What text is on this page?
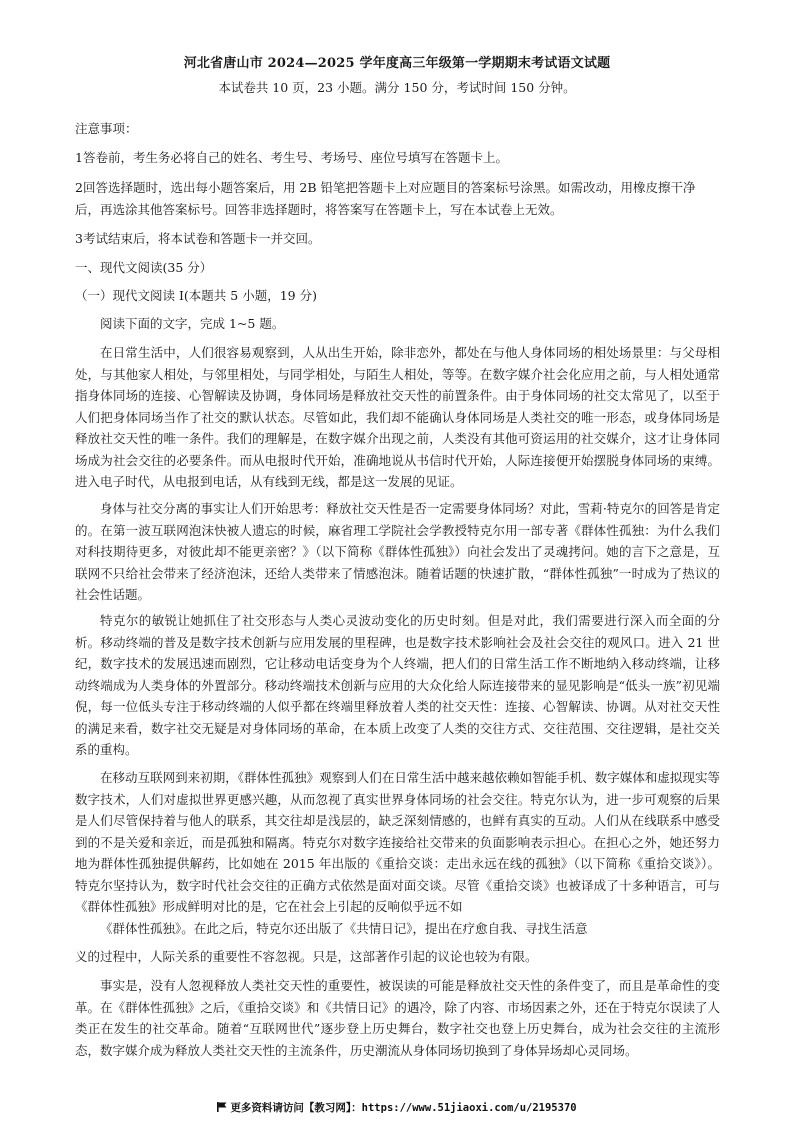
河北省唐山市 2024—2025 学年度高三年级第一学期期末考试语文试题
本试卷共 10 页，23 小题。满分 150 分，考试时间 150 分钟。
注意事项：
1答卷前，考生务必将自己的姓名、考生号、考场号、座位号填写在答题卡上。
2回答选择题时，选出每小题答案后，用 2B 铅笔把答题卡上对应题目的答案标号涂黑。如需改动，用橡皮擦干净后，再选涂其他答案标号。回答非选择题时，将答案写在答题卡上，写在本试卷上无效。
3考试结束后，将本试卷和答题卡一并交回。
一、现代文阅读(35 分）
（一）现代文阅读 I(本题共 5 小题，19 分)
阅读下面的文字，完成 1~5 题。
在日常生活中，人们很容易观察到，人从出生开始，除非恋外，都处在与他人身体同场的相处场景里：与父母相处，与其他家人相处，与邻里相处，与同学相处，与陌生人相处，等等。在数字媒介社会化应用之前，与人相处通常指身体同场的连接、心智解读及协调，身体同场是释放社交天性的前置条件。由于身体同场的社交太常见了，以至于人们把身体同场当作了社交的默认状态。尽管如此，我们却不能确认身体同场是人类社交的唯一形态，或身体同场是释放社交天性的唯一条件。我们的理解是，在数字媒介出现之前，人类没有其他可资运用的社交媒介，这才让身体同场成为社会交往的必要条件。而从电报时代开始，准确地说从书信时代开始，人际连接便开始摆脱身体同场的束缚。进入电子时代，从电报到电话，从有线到无线，都是这一发展的见证。
身体与社交分离的事实让人们开始思考：释放社交天性是否一定需要身体同场？对此，雪莉·特克尔的回答是肯定的。在第一波互联网泡沫快被人遗忘的时候，麻省理工学院社会学教授特克尔用一部专著《群体性孤独：为什么我们对科技期待更多，对彼此却不能更亲密？》（以下简称《群体性孤独》）向社会发出了灵魂拷问。她的言下之意是，互联网不只给社会带来了经济泡沫，还给人类带来了情感泡沫。随着话题的快速扩散，“群体性孤独”一时成为了热议的社会性话题。
特克尔的敏锐让她抓住了社交形态与人类心灵波动变化的历史时刻。但是对此，我们需要进行深入而全面的分析。移动终端的普及是数字技术创新与应用发展的里程碑，也是数字技术影响社会及社会交往的观风口。进入 21 世纪，数字技术的发展迅速而剧烈，它让移动电话变身为个人终端，把人们的日常生活工作不断地纳入移动终端，让移动终端成为人类身体的外置部分。移动终端技术创新与应用的大众化给人际连接带来的显见影响是“低头一族”初见端倪，每一位低头专注于移动终端的人似乎都在终端里释放着人类的社交天性：连接、心智解读、协调。从对社交天性的满足来看，数字社交无疑是对身体同场的革命，在本质上改变了人类的交往方式、交往范围、交往逻辑，是社交关系的重构。
在移动互联网到来初期，《群体性孤独》观察到人们在日常生活中越来越依赖如智能手机、数字媒体和虚拟现实等数字技术，人们对虚拟世界更感兴趣，从而忽视了真实世界身体同场的社会交往。特克尔认为，进一步可观察的后果是人们尽管保持着与他人的联系，其交往却是浅层的，缺乏深刻情感的，也鲜有真实的互动。人们从在线联系中感受到的不是关爱和亲近，而是孤独和隔离。特克尔对数字连接给社交带来的负面影响表示担心。在担心之外，她还努力地为群体性孤独提供解药，比如她在 2015 年出版的《重拾交谈：走出永远在线的孤独》（以下简称《重拾交谈》）。特克尔坚持认为，数字时代社会交往的正确方式依然是面对面交谈。尽管《重拾交谈》也被译成了十多种语言，可与《群体性孤独》形成鲜明对比的是，它在社会上引起的反响似乎远不如
《群体性孤独》。在此之后，特克尔还出版了《共情日记》，提出在疗愈自我、寻找生活意
义的过程中，人际关系的重要性不容忽视。只是，这部著作引起的议论也较为有限。
事实是，没有人忽视释放人类社交天性的重要性，被误读的可能是释放社交天性的条件变了，而且是革命性的变革。在《群体性孤独》之后，《重拾交谈》和《共情日记》的遇冷，除了内容、市场因素之外，还在于特克尔误读了人类正在发生的社交革命。随着“互联网世代”逐步登上历史舞台，数字社交也登上历史舞台，成为社会交往的主流形态，数字媒介成为释放人类社交天性的主流条件，历史潮流从身体同场切换到了身体异场却心灵同场。
更多资料请访问【教习网】：https://www.51jiaoxi.com/u/2195370
